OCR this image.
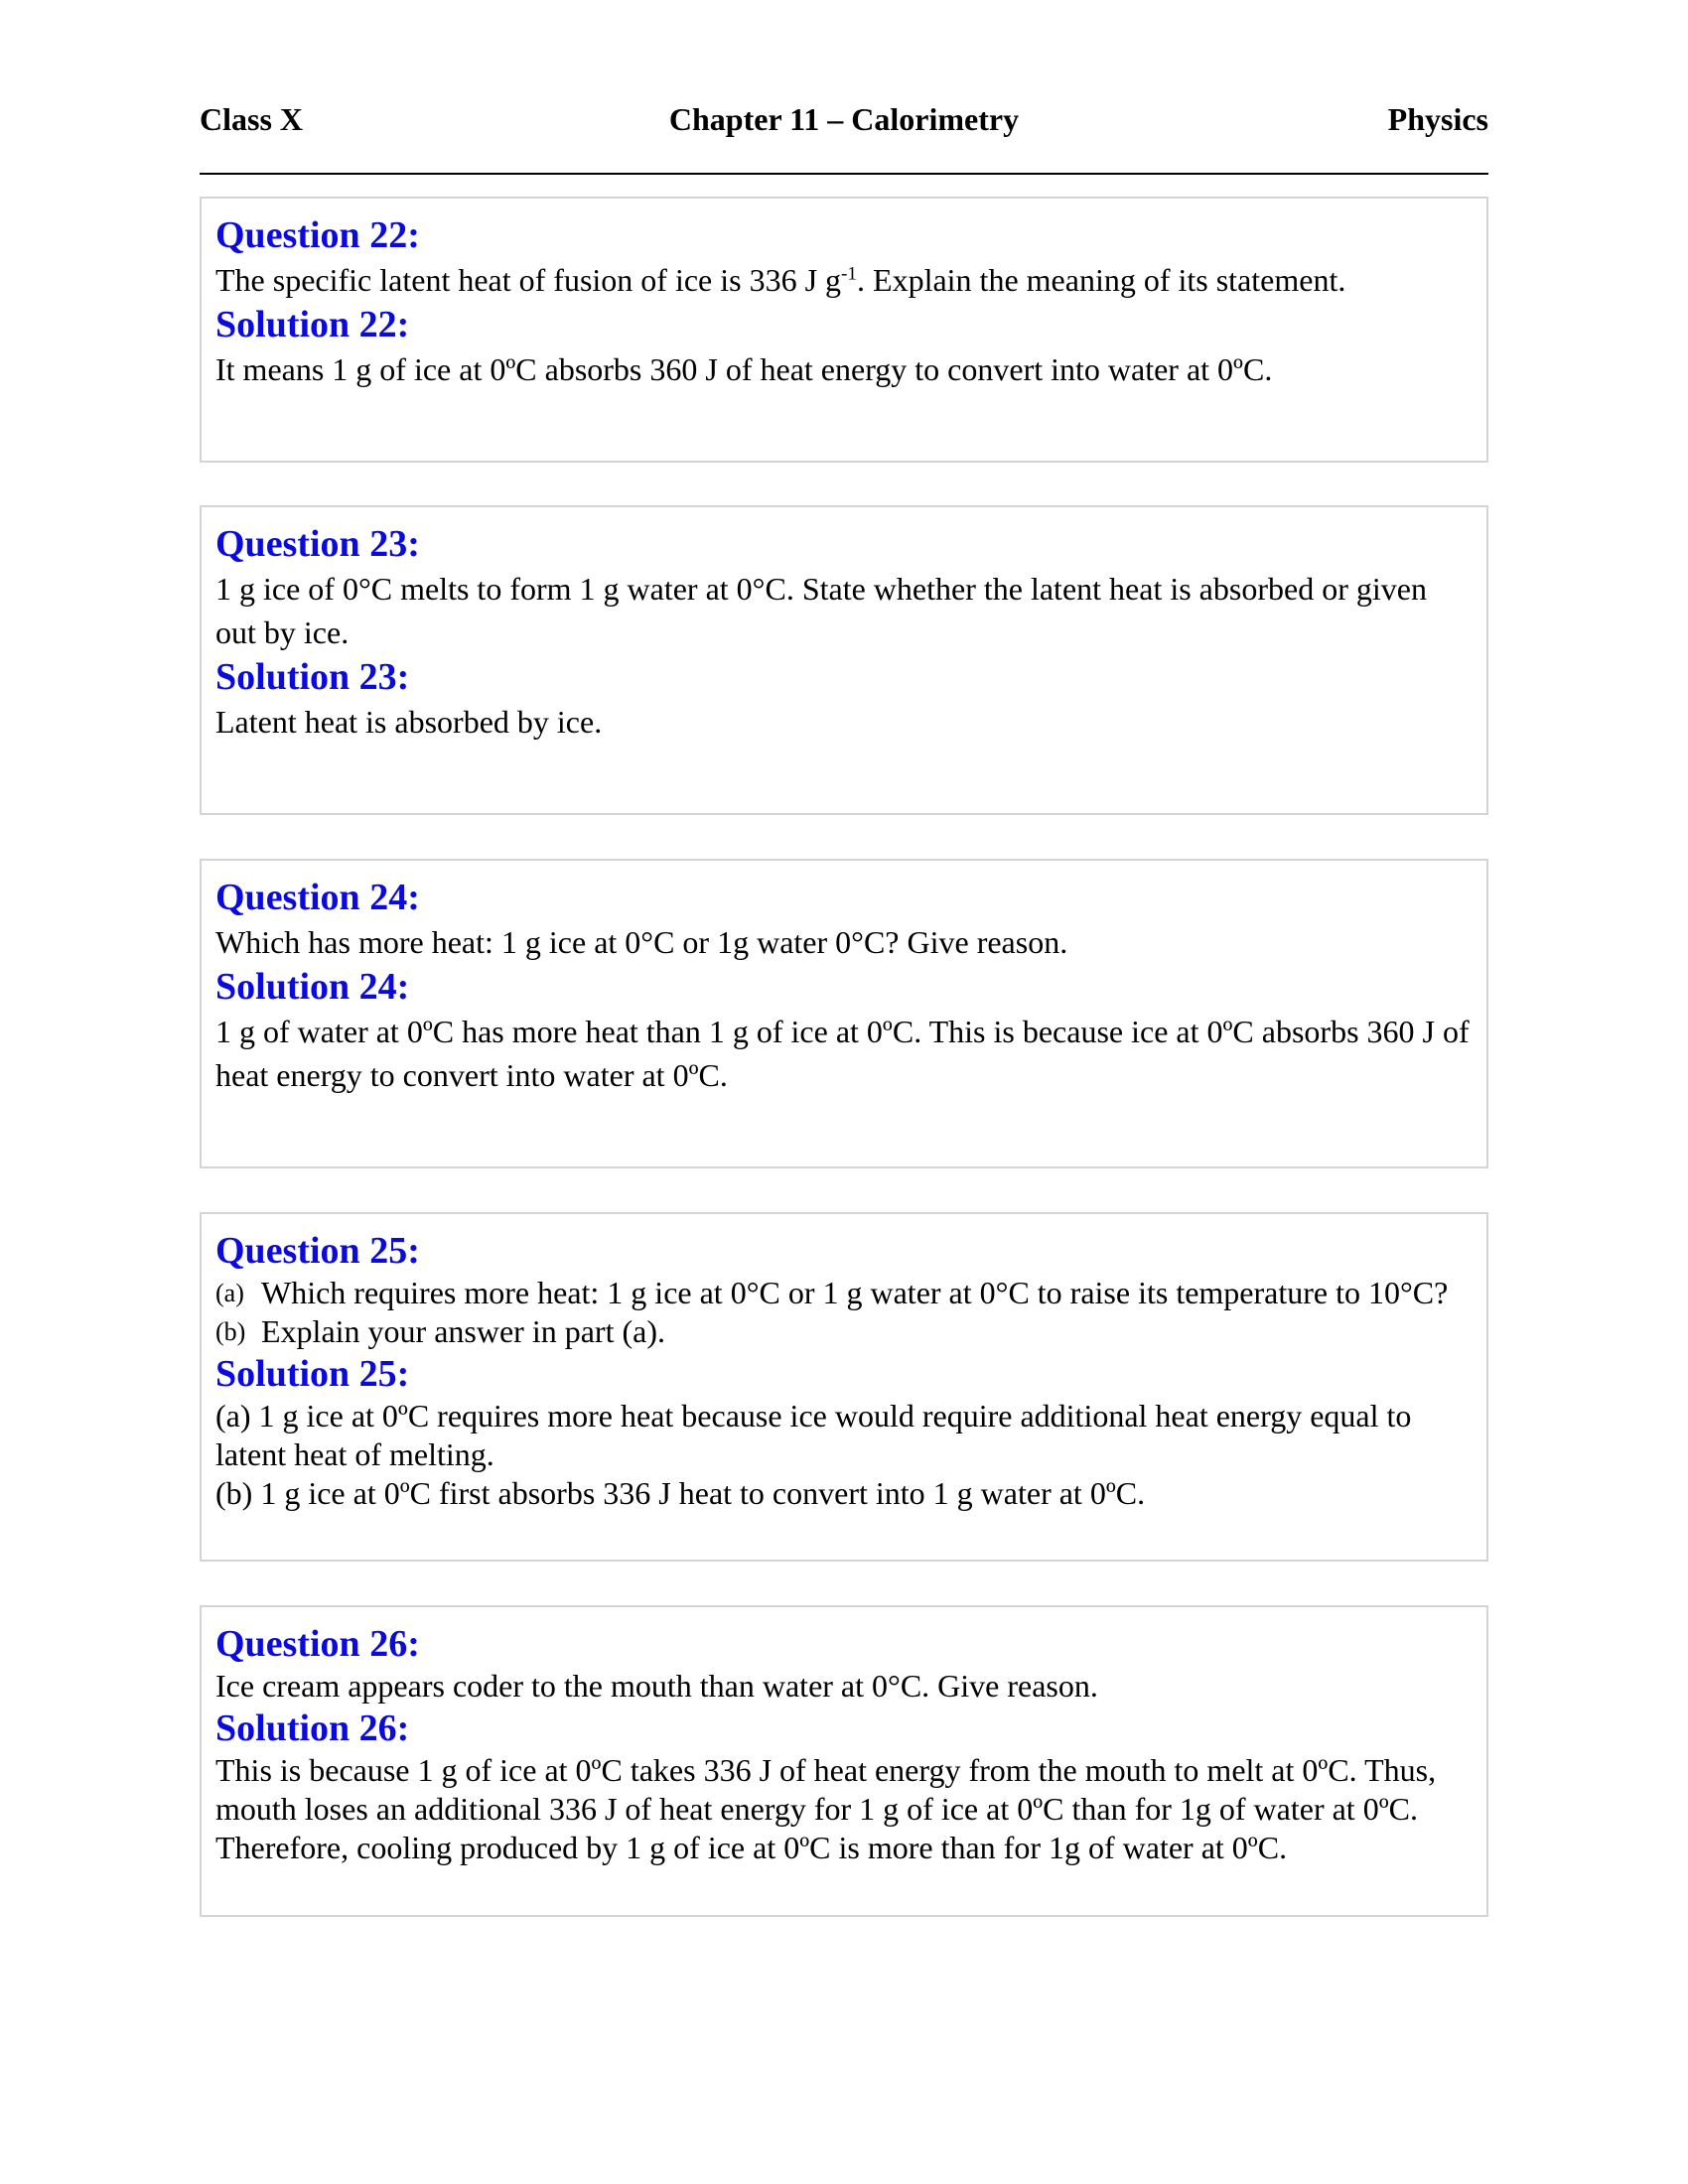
Class X	Chapter 11 – Calorimetry	Physics

Question 22:

The specific latent heat of fusion of ice is 336 J $g^{-1}$. Explain the meaning of its statement.

Solution 22:

It means 1 g of ice at 0ºC absorbs 360 J of heat energy to convert into water at 0ºC.

Question 23:

1 g ice of 0°C melts to form 1 g water at 0°C. State whether the latent heat is absorbed or given out by ice.

Solution 23:

Latent heat is absorbed by ice.

Question 24:

Which has more heat: 1 g ice at 0°C or 1g water 0°C? Give reason.

Solution 24:

1 g of water at 0ºC has more heat than 1 g of ice at 0ºC. This is because ice at 0ºC absorbs 360 J of heat energy to convert into water at 0ºC.

Question 25:

(a) Which requires more heat: 1 g ice at 0°C or 1 g water at 0°C to raise its temperature to 10°C?
(b) Explain your answer in part (a).

Solution 25:

(a) 1 g ice at 0ºC requires more heat because ice would require additional heat energy equal to latent heat of melting.

(b) 1 g ice at 0ºC first absorbs 336 J heat to convert into 1 g water at 0ºC.

Question 26:

Ice cream appears coder to the mouth than water at 0°C. Give reason.

Solution 26:

This is because 1 g of ice at 0ºC takes 336 J of heat energy from the mouth to melt at 0ºC. Thus, mouth loses an additional 336 J of heat energy for 1 g of ice at 0ºC than for 1g of water at 0ºC. Therefore, cooling produced by 1 g of ice at 0ºC is more than for 1g of water at 0ºC.
